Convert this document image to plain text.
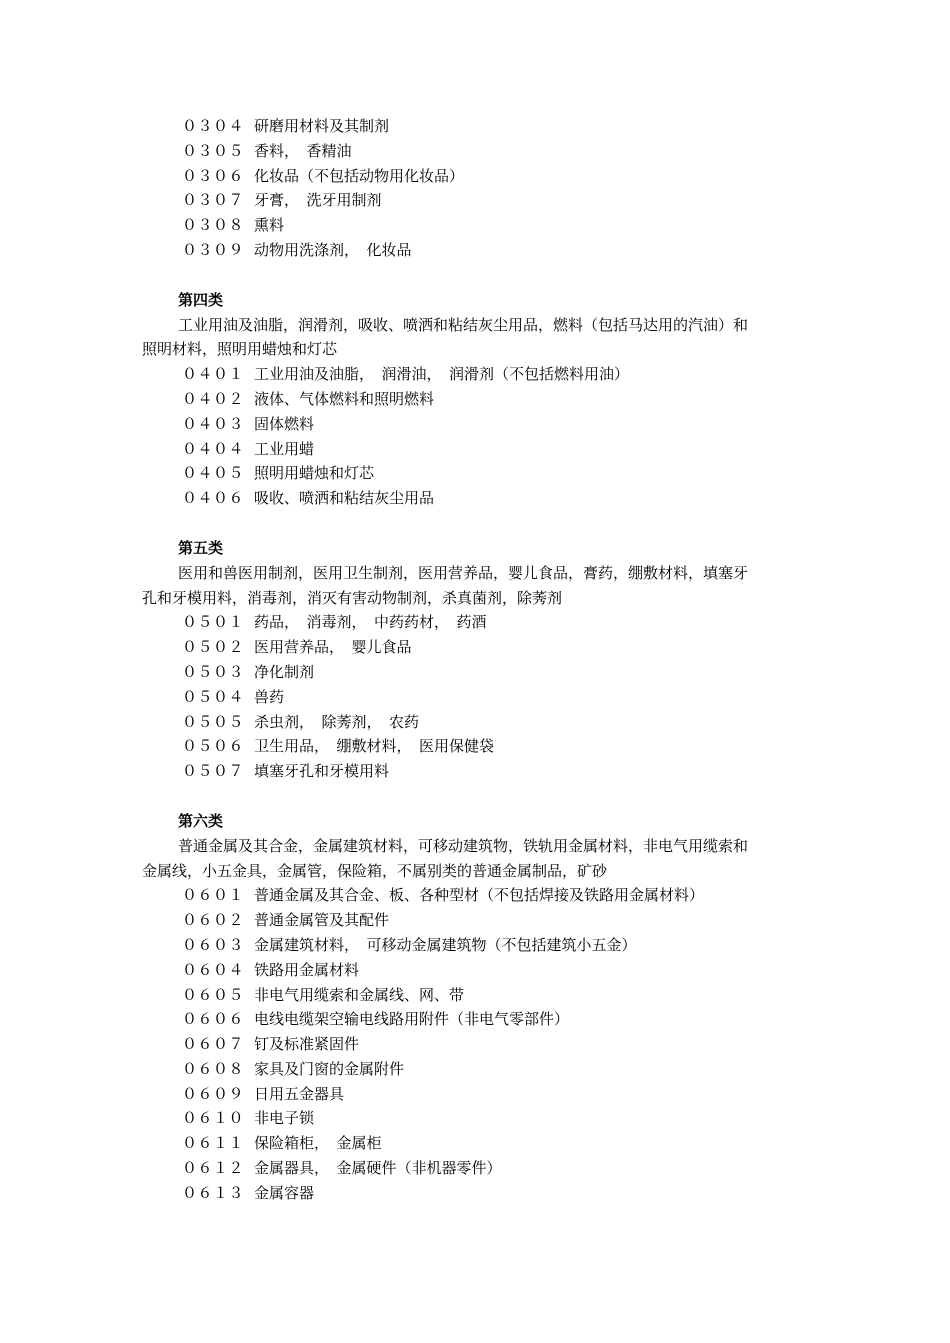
０３０４ 研磨用材料及其制剂
０３０５ 香料，　香精油
０３０６ 化妆品（不包括动物用化妆品）
０３０７ 牙膏，　洗牙用制剂
０３０８ 熏料
０３０９ 动物用洗涤剂，　化妆品
第四类
工业用油及油脂，润滑剂，吸收、喷洒和粘结灰尘用品，燃料（包括马达用的汽油）和
照明材料，照明用蜡烛和灯芯
０４０１ 工业用油及油脂，　润滑油，　润滑剂（不包括燃料用油）
０４０２ 液体、气体燃料和照明燃料
０４０３ 固体燃料
０４０４ 工业用蜡
０４０５ 照明用蜡烛和灯芯
０４０６ 吸收、喷洒和粘结灰尘用品
第五类
医用和兽医用制剂，医用卫生制剂，医用营养品，婴儿食品，膏药，绷敷材料，填塞牙
孔和牙模用料，消毒剂，消灭有害动物制剂，杀真菌剂，除莠剂
０５０１ 药品，　消毒剂，　中药药材，　药酒
０５０２ 医用营养品，　婴儿食品
０５０３ 净化制剂
０５０４ 兽药
０５０５ 杀虫剂，　除莠剂，　农药
０５０６ 卫生用品，　绷敷材料，　医用保健袋
０５０７ 填塞牙孔和牙模用料
第六类
普通金属及其合金，金属建筑材料，可移动建筑物，铁轨用金属材料，非电气用缆索和
金属线，小五金具，金属管，保险箱，不属别类的普通金属制品，矿砂
０６０１ 普通金属及其合金、板、各种型材（不包括焊接及铁路用金属材料）
０６０２ 普通金属管及其配件
０６０３ 金属建筑材料，　可移动金属建筑物（不包括建筑小五金）
０６０４ 铁路用金属材料
０６０５ 非电气用缆索和金属线、网、带
０６０６ 电线电缆架空输电线路用附件（非电气零部件）
０６０７ 钉及标准紧固件
０６０８ 家具及门窗的金属附件
０６０９ 日用五金器具
０６１０ 非电子锁
０６１１ 保险箱柜，　金属柜
０６１２ 金属器具，　金属硬件（非机器零件）
０６１３ 金属容器
